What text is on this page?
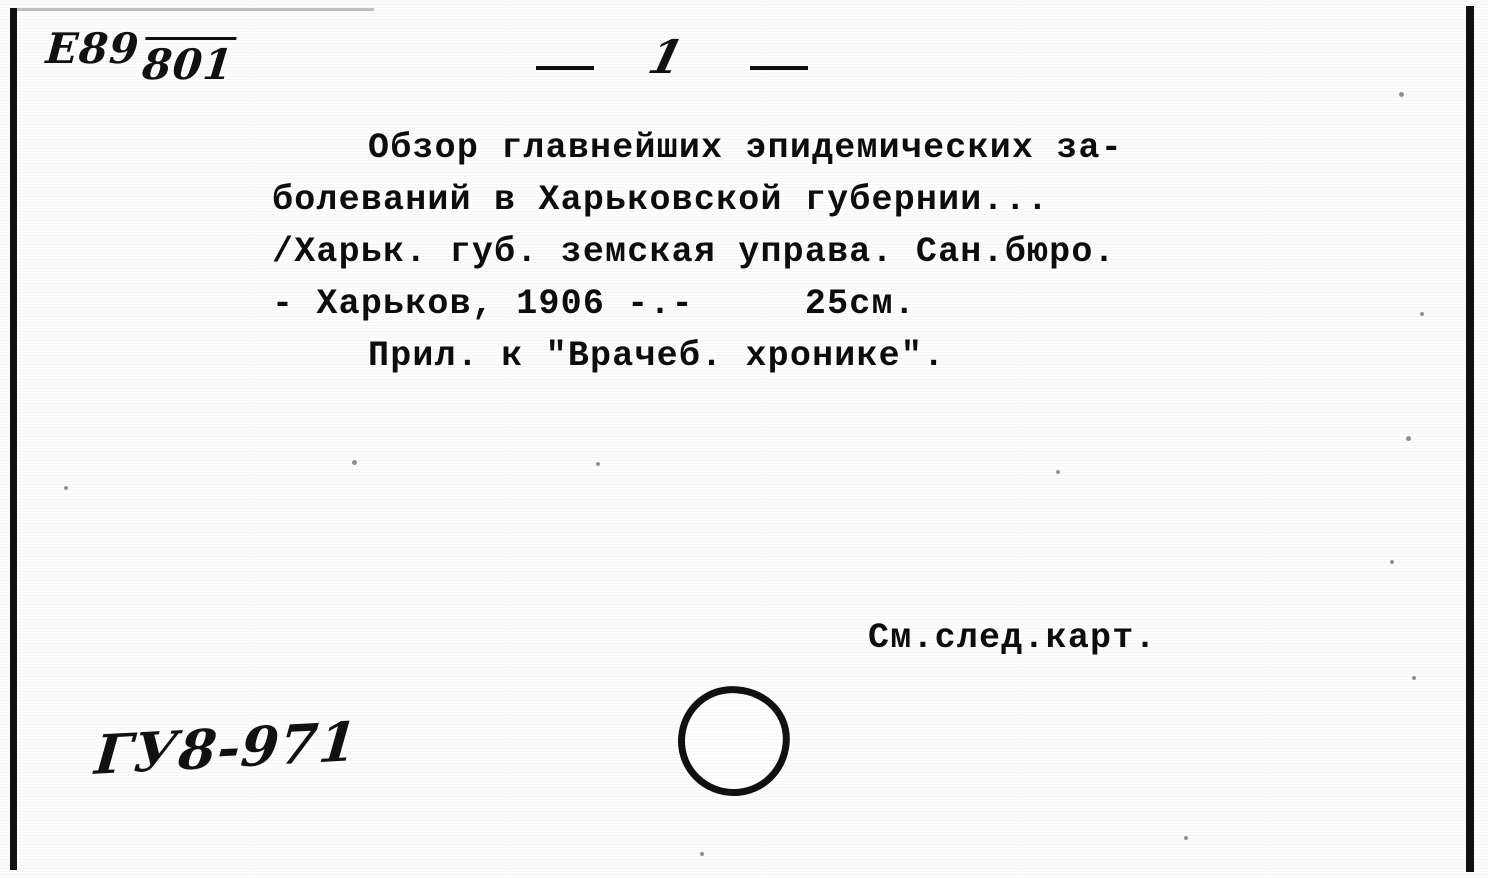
E89801	1
Обзор главнейших эпидемических за-
болеваний в Харьковской губернии...
/Харьк. губ. земская управа. Сан.бюро.
- Харьков, 1906 -.-     25см.
Прил. к "Врачеб. хронике".
См.след.карт.
ГУ8-971
